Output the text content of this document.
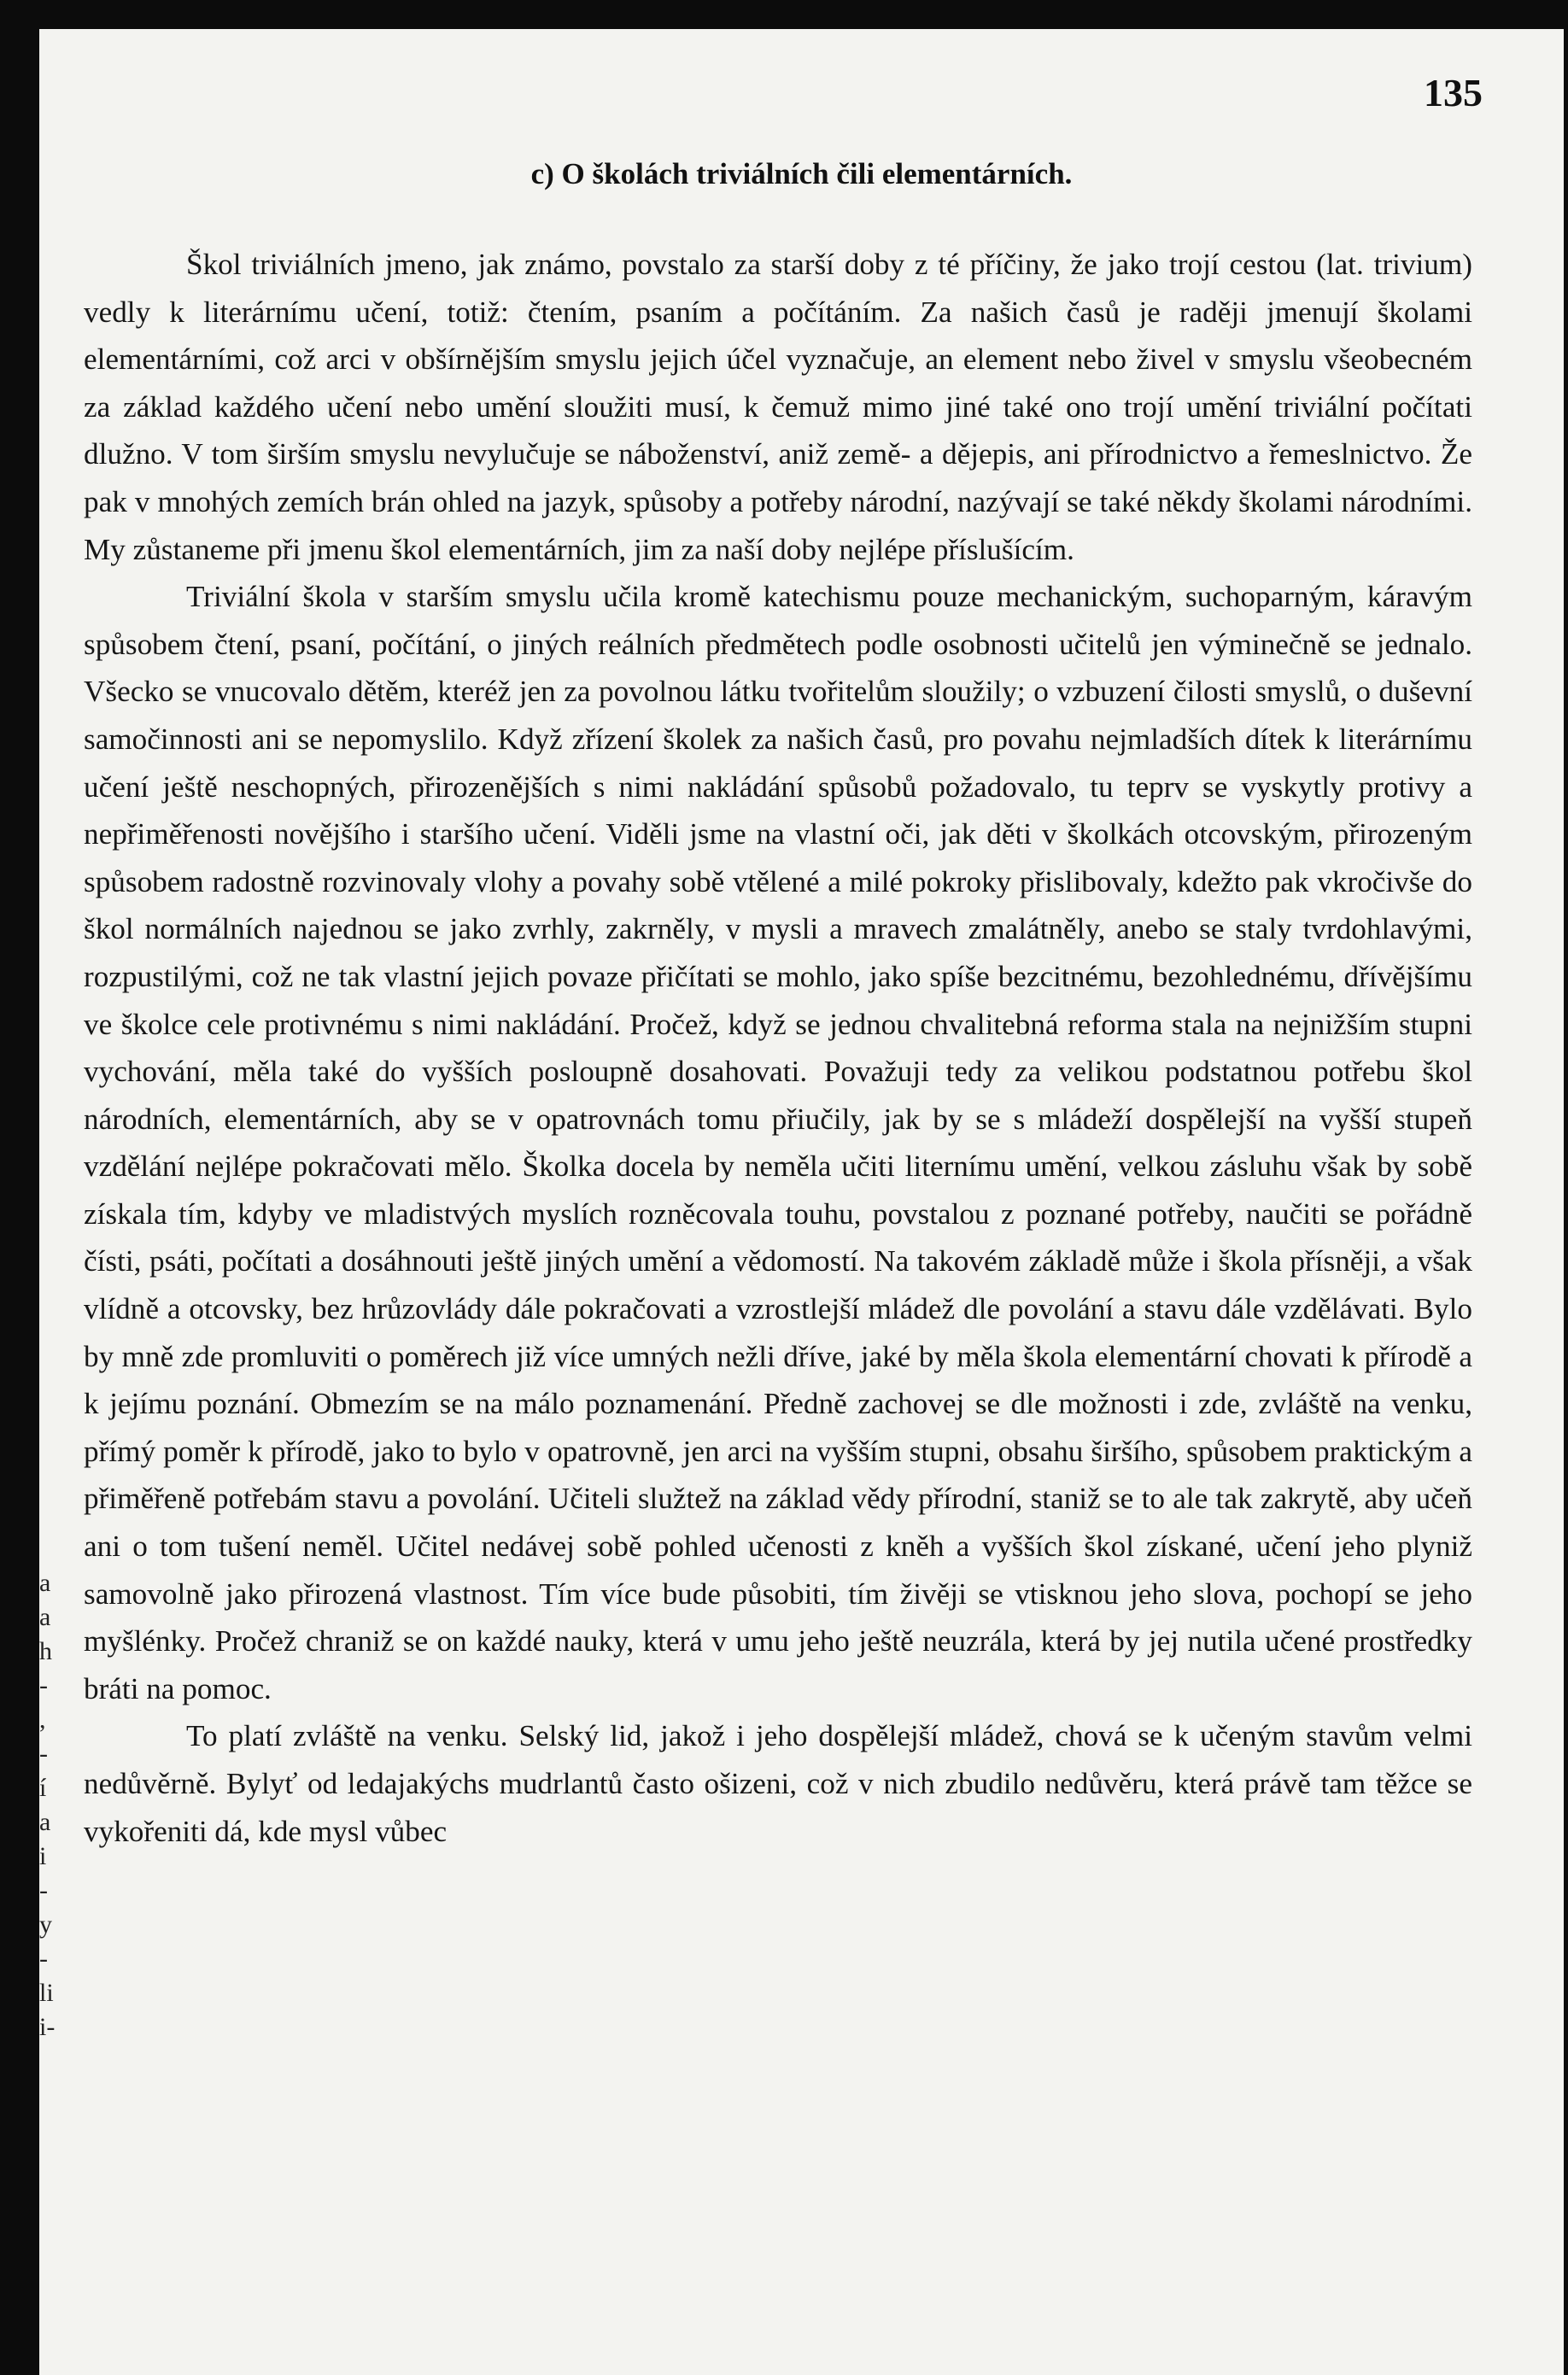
a
a
h
-
,
-
í
a
i
-
y
-
li
i-
135
c) O školách triviálních čili elementárních.

Škol triviálních jmeno, jak známo, povstalo za starší doby z té příčiny, že jako trojí cestou (lat. trivium) vedly k literárnímu učení, totiž: čtením, psaním a počítáním. Za našich časů je raději jmenují školami elementárními, což arci v obšírnějším smyslu jejich účel vyznačuje, an element nebo živel v smyslu všeobecném za základ každého učení nebo umění sloužiti musí, k čemuž mimo jiné také ono trojí umění triviální počítati dlužno. V tom širším smyslu nevylučuje se náboženství, aniž země- a dějepis, ani přírodnictvo a řemeslnictvo. Že pak v mnohých zemích brán ohled na jazyk, spůsoby a potřeby národní, nazývají se také někdy školami národními. My zůstaneme při jmenu škol elementárních, jim za naší doby nejlépe příslušícím.

Triviální škola v starším smyslu učila kromě katechismu pouze mechanickým, suchoparným, káravým spůsobem čtení, psaní, počítání, o jiných reálních předmětech podle osobnosti učitelů jen výminečně se jednalo. Všecko se vnucovalo dětěm, kteréž jen za povolnou látku tvořitelům sloužily; o vzbuzení čilosti smyslů, o duševní samočinnosti ani se nepomyslilo. Když zřízení školek za našich časů, pro povahu nejmladších dítek k literárnímu učení ještě neschopných, přirozenějších s nimi nakládání spůsobů požadovalo, tu teprv se vyskytly protivy a nepřiměřenosti novějšího i staršího učení. Viděli jsme na vlastní oči, jak děti v školkách otcovským, přirozeným spůsobem radostně rozvinovaly vlohy a povahy sobě vtělené a milé pokroky přislibovaly, kdežto pak vkročivše do škol normálních najednou se jako zvrhly, zakrněly, v mysli a mravech zmalátněly, anebo se staly tvrdohlavými, rozpustilými, což ne tak vlastní jejich povaze přičítati se mohlo, jako spíše bezcitnému, bezohlednému, dřívějšímu ve školce cele protivnému s nimi nakládání. Pročež, když se jednou chvalitebná reforma stala na nejnižším stupni vychování, měla také do vyšších posloupně dosahovati. Považuji tedy za velikou podstatnou potřebu škol národních, elementárních, aby se v opatrovnách tomu přiučily, jak by se s mládeží dospělejší na vyšší stupeň vzdělání nejlépe pokračovati mělo. Školka docela by neměla učiti liternímu umění, velkou zásluhu však by sobě získala tím, kdyby ve mladistvých myslích rozněcovala touhu, povstalou z poznané potřeby, naučiti se pořádně čísti, psáti, počítati a dosáhnouti ještě jiných umění a vědomostí. Na takovém základě může i škola přísněji, a však vlídně a otcovsky, bez hrůzovlády dále pokračovati a vzrostlejší mládež dle povolání a stavu dále vzdělávati. Bylo by mně zde promluviti o poměrech již více umných nežli dříve, jaké by měla škola elementární chovati k přírodě a k jejímu poznání. Obmezím se na málo poznamenání. Předně zachovej se dle možnosti i zde, zvláště na venku, přímý poměr k přírodě, jako to bylo v opatrovně, jen arci na vyšším stupni, obsahu širšího, spůsobem praktickým a přiměřeně potřebám stavu a povolání. Učiteli služtež na základ vědy přírodní, staniž se to ale tak zakrytě, aby učeň ani o tom tušení neměl. Učitel nedávej sobě pohled učenosti z kněh a vyšších škol získané, učení jeho plyniž samovolně jako přirozená vlastnost. Tím více bude působiti, tím živěji se vtisknou jeho slova, pochopí se jeho myšlénky. Pročež chraniž se on každé nauky, která v umu jeho ještě neuzrála, která by jej nutila učené prostředky bráti na pomoc.

To platí zvláště na venku. Selský lid, jakož i jeho dospělejší mládež, chová se k učeným stavům velmi nedůvěrně. Bylyť od ledajakýchs mudrlantů často ošizeni, což v nich zbudilo nedůvěru, která právě tam těžce se vykořeniti dá, kde mysl vůbec
